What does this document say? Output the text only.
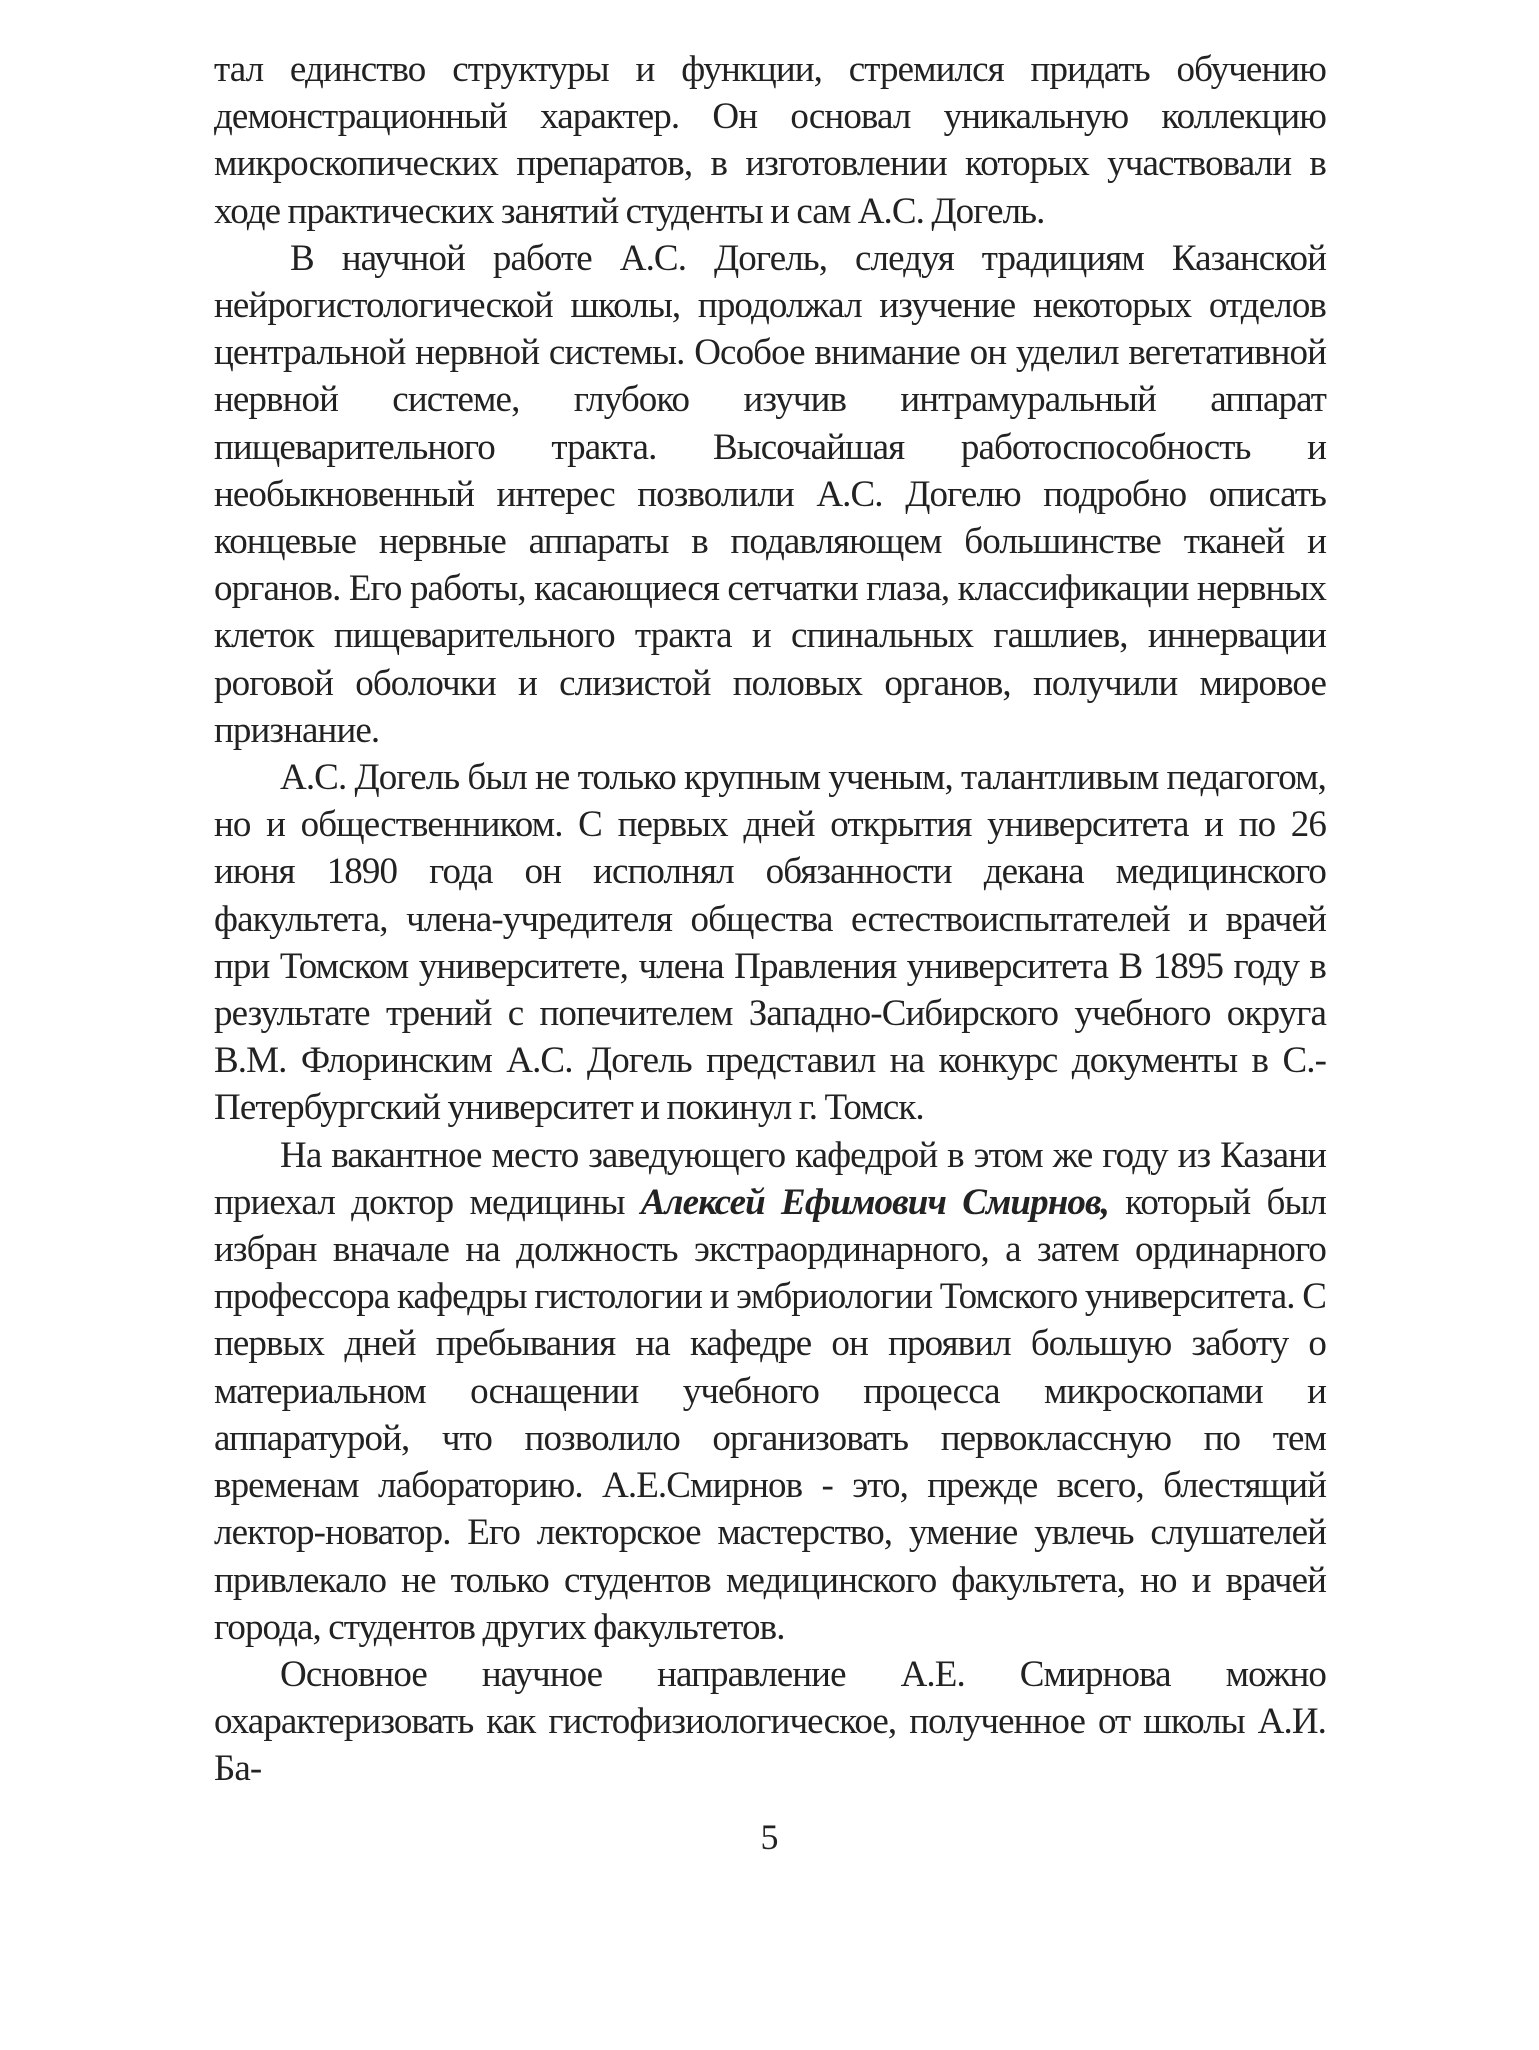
тал единство структуры и функции, стремился придать обучению демонстрационный характер. Он основал уникальную коллекцию микроскопических препаратов, в изготовлении которых участвовали в ходе практических занятий студенты и сам А.С. Догель.

В научной работе А.С. Догель, следуя традициям Казанской нейрогистологической школы, продолжал изучение некоторых отделов центральной нервной системы. Особое внимание он уделил вегетативной нервной системе, глубоко изучив интрамуральный аппарат пищеварительного тракта. Высочайшая работоспособность и необыкновенный интерес позволили А.С. Догелю подробно описать концевые нервные аппараты в подавляющем большинстве тканей и органов. Его работы, касающиеся сетчатки глаза, классификации нервных клеток пищеварительного тракта и спинальных гашлиев, иннервации роговой оболочки и слизистой половых органов, получили мировое признание.

А.С. Догель был не только крупным ученым, талантливым педагогом, но и общественником. С первых дней открытия университета и по 26 июня 1890 года он исполнял обязанности декана медицинского факультета, члена-учредителя общества естествоиспытателей и врачей при Томском университете, члена Правления университета В 1895 году в результате трений с попечителем Западно-Сибирского учебного округа В.М. Флоринским А.С. Догель представил на конкурс документы в С.-Петербургский университет и покинул г. Томск.

На вакантное место заведующего кафедрой в этом же году из Казани приехал доктор медицины Алексей Ефимович Смирнов, который был избран вначале на должность экстраординарного, а затем ординарного профессора кафедры гистологии и эмбриологии Томского университета. С первых дней пребывания на кафедре он проявил большую заботу о материальном оснащении учебного процесса микроскопами и аппаратурой, что позволило организовать первоклассную по тем временам лабораторию. А.Е.Смирнов - это, прежде всего, блестящий лектор-новатор. Его лекторское мастерство, умение увлечь слушателей привлекало не только студентов медицинского факультета, но и врачей города, студентов других факультетов.

Основное научное направление А.Е. Смирнова можно охарактеризовать как гистофизиологическое, полученное от школы А.И. Ба-

5
